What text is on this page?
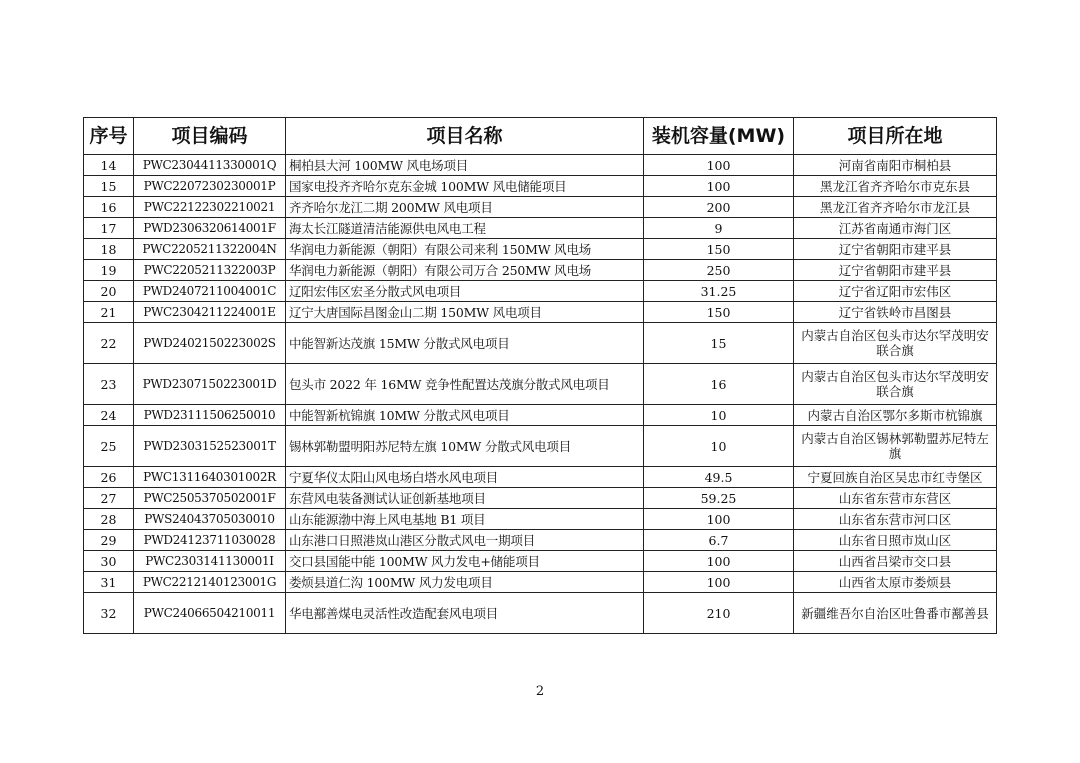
序号	项目编码	项目名称	装机容量(MW)	项目所在地
14	PWC2304411330001Q	桐柏县大河 100MW 风电场项目	100	河南省南阳市桐柏县
15	PWC2207230230001P	国家电投齐齐哈尔克东金城 100MW 风电储能项目	100	黑龙江省齐齐哈尔市克东县
16	PWC22122302210021	齐齐哈尔龙江二期 200MW 风电项目	200	黑龙江省齐齐哈尔市龙江县
17	PWD2306320614001F	海太长江隧道清洁能源供电风电工程	9	江苏省南通市海门区
18	PWC2205211322004N	华润电力新能源（朝阳）有限公司来利 150MW 风电场	150	辽宁省朝阳市建平县
19	PWC2205211322003P	华润电力新能源（朝阳）有限公司万合 250MW 风电场	250	辽宁省朝阳市建平县
20	PWD2407211004001C	辽阳宏伟区宏圣分散式风电项目	31.25	辽宁省辽阳市宏伟区
21	PWC2304211224001E	辽宁大唐国际昌图金山二期 150MW 风电项目	150	辽宁省铁岭市昌图县
22	PWD2402150223002S	中能智新达茂旗 15MW 分散式风电项目	15	内蒙古自治区包头市达尔罕茂明安联合旗
23	PWD2307150223001D	包头市 2022 年 16MW 竞争性配置达茂旗分散式风电项目	16	内蒙古自治区包头市达尔罕茂明安联合旗
24	PWD23111506250010	中能智新杭锦旗 10MW 分散式风电项目	10	内蒙古自治区鄂尔多斯市杭锦旗
25	PWD2303152523001T	锡林郭勒盟明阳苏尼特左旗 10MW 分散式风电项目	10	内蒙古自治区锡林郭勒盟苏尼特左旗
26	PWC1311640301002R	宁夏华仪太阳山风电场白塔水风电项目	49.5	宁夏回族自治区吴忠市红寺堡区
27	PWC2505370502001F	东营风电装备测试认证创新基地项目	59.25	山东省东营市东营区
28	PWS24043705030010	山东能源渤中海上风电基地 B1 项目	100	山东省东营市河口区
29	PWD24123711030028	山东港口日照港岚山港区分散式风电一期项目	6.7	山东省日照市岚山区
30	PWC2303141130001I	交口县国能中能 100MW 风力发电+储能项目	100	山西省吕梁市交口县
31	PWC2212140123001G	娄烦县道仁沟 100MW 风力发电项目	100	山西省太原市娄烦县
32	PWC24066504210011	华电鄯善煤电灵活性改造配套风电项目	210	新疆维吾尔自治区吐鲁番市鄯善县
2
